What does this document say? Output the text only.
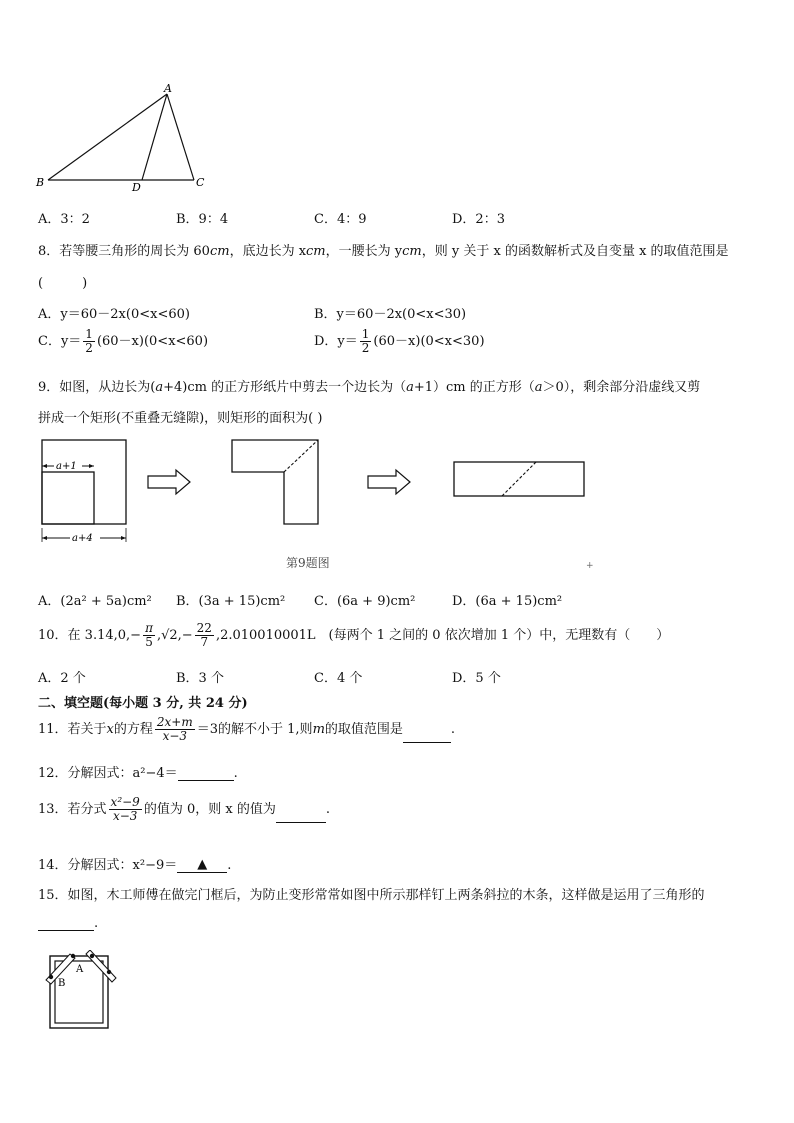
A
B	D	C
A．3：2	B．9：4	C．4：9	D．2：3
8．若等腰三角形的周长为 60cm，底边长为 xcm，一腰长为 ycm，则 y 关于 x 的函数解析式及自变量 x 的取值范围是
(　　　)
A．y＝60－2x(0<x<60)	B．y＝60－2x(0<x<30)
C．$y= \frac{1}{2} (60-x)(0<x<60)$	D．$y= \frac{1}{2} (60-x)(0<x<30)$
9．如图，从边长为(a+4)cm 的正方形纸片中剪去一个边长为（a+1）cm 的正方形（a＞0），剩余部分沿虚线又剪
拼成一个矩形(不重叠无缝隙)，则矩形的面积为( )
a+1
a+4
第9题图	+
A．(2a² + 5a)cm² B．(3a + 15)cm² C．(6a + 9)cm²	D．(6a + 15)cm²
10．在 $3.14,0,- \frac{\pi}{5} ,√2,- \frac{22}{7} ,2.010010001L$　(每两个 1 之间的 0 依次增加 1 个）中，无理数有（　　）
A．2 个	B．3 个	C．4 个	D．5 个
二、填空题(每小题 3 分, 共 24 分)
11．若关于x的方程 $\frac{2x+m}{x-3} =3$的解不小于 1,则m的取值范围是	.
12．分解因式：a²−4＝	.
13．若分式 $\frac{\text{x²−9}}{x-3}$ 的值为 0，则 x 的值为	.
14．分解因式：x²−9＝ ▲ .
15．如图，木工师傅在做完门框后，为防止变形常常如图中所示那样钉上两条斜拉的木条，这样做是运用了三角形的
.
A
B
